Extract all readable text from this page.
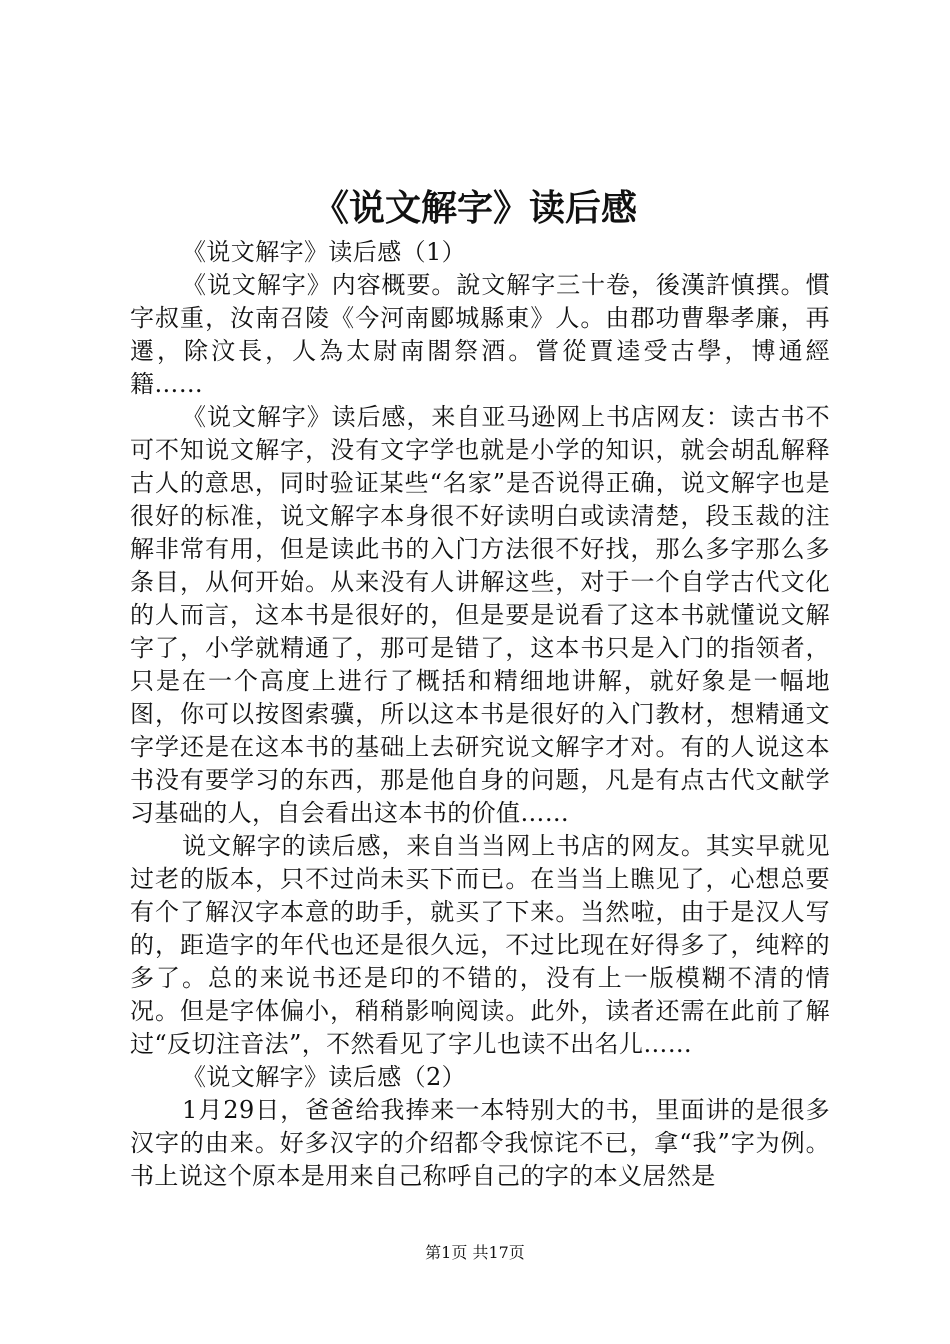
《说文解字》读后感

《说文解字》读后感（1）

《说文解字》内容概要。說文解字三十卷，後漢許慎撰。慣字叔重，汝南召陵《今河南郾城縣東》人。由郡功曹舉孝廉，再遷，除汶長，人為太尉南閤祭酒。嘗從賈逵受古學，博通經籍……

《说文解字》读后感，来自亚马逊网上书店网友：读古书不可不知说文解字，没有文字学也就是小学的知识，就会胡乱解释古人的意思，同时验证某些“名家”是否说得正确，说文解字也是很好的标准，说文解字本身很不好读明白或读清楚，段玉裁的注解非常有用，但是读此书的入门方法很不好找，那么多字那么多条目，从何开始。从来没有人讲解这些，对于一个自学古代文化的人而言，这本书是很好的，但是要是说看了这本书就懂说文解字了，小学就精通了，那可是错了，这本书只是入门的指领者，只是在一个高度上进行了概括和精细地讲解，就好象是一幅地图，你可以按图索骥，所以这本书是很好的入门教材，想精通文字学还是在这本书的基础上去研究说文解字才对。有的人说这本书没有要学习的东西，那是他自身的问题，凡是有点古代文献学习基础的人，自会看出这本书的价值……

说文解字的读后感，来自当当网上书店的网友。其实早就见过老的版本，只不过尚未买下而已。在当当上瞧见了，心想总要有个了解汉字本意的助手，就买了下来。当然啦，由于是汉人写的，距造字的年代也还是很久远，不过比现在好得多了，纯粹的多了。总的来说书还是印的不错的，没有上一版模糊不清的情况。但是字体偏小，稍稍影响阅读。此外，读者还需在此前了解过“反切注音法”，不然看见了字儿也读不出名儿……

《说文解字》读后感（2）

1月29日，爸爸给我捧来一本特别大的书，里面讲的是很多汉字的由来。好多汉字的介绍都令我惊诧不已，拿“我”字为例。书上说这个原本是用来自己称呼自己的字的本义居然是

第1页 共17页
